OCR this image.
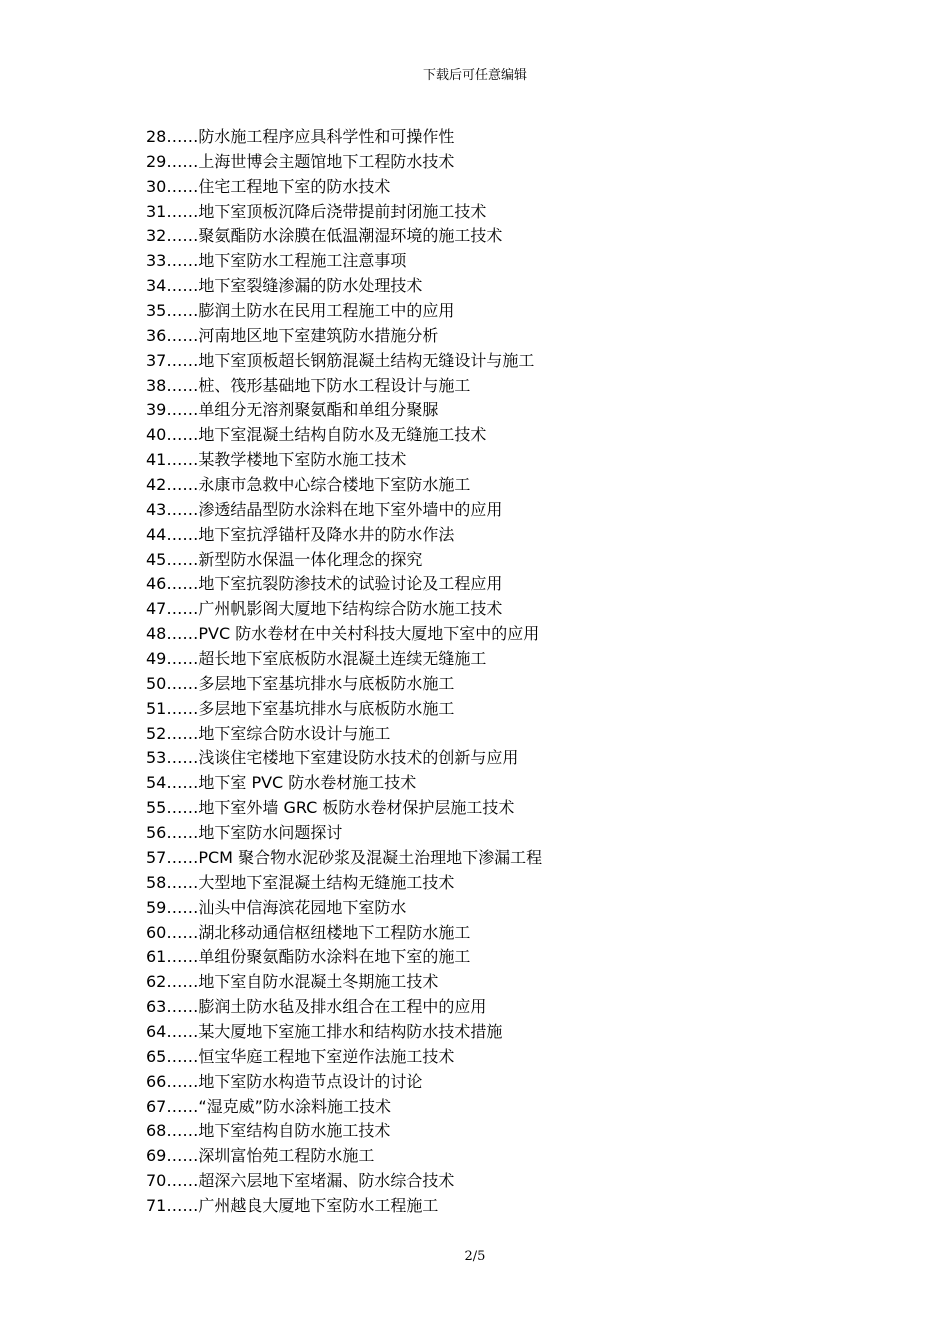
下载后可任意编辑
28……防水施工程序应具科学性和可操作性
29……上海世博会主题馆地下工程防水技术
30……住宅工程地下室的防水技术
31……地下室顶板沉降后浇带提前封闭施工技术
32……聚氨酯防水涂膜在低温潮湿环境的施工技术
33……地下室防水工程施工注意事项
34……地下室裂缝渗漏的防水处理技术
35……膨润土防水在民用工程施工中的应用
36……河南地区地下室建筑防水措施分析
37……地下室顶板超长钢筋混凝土结构无缝设计与施工
38……桩、筏形基础地下防水工程设计与施工
39……单组分无溶剂聚氨酯和单组分聚脲
40……地下室混凝土结构自防水及无缝施工技术
41……某教学楼地下室防水施工技术
42……永康市急救中心综合楼地下室防水施工
43……渗透结晶型防水涂料在地下室外墙中的应用
44……地下室抗浮锚杆及降水井的防水作法
45……新型防水保温一体化理念的探究
46……地下室抗裂防渗技术的试验讨论及工程应用
47……广州帆影阁大厦地下结构综合防水施工技术
48……PVC 防水卷材在中关村科技大厦地下室中的应用
49……超长地下室底板防水混凝土连续无缝施工
50……多层地下室基坑排水与底板防水施工
51……多层地下室基坑排水与底板防水施工
52……地下室综合防水设计与施工
53……浅谈住宅楼地下室建设防水技术的创新与应用
54……地下室 PVC 防水卷材施工技术
55……地下室外墙 GRC 板防水卷材保护层施工技术
56……地下室防水问题探讨
57……PCM 聚合物水泥砂浆及混凝土治理地下渗漏工程
58……大型地下室混凝土结构无缝施工技术
59……汕头中信海滨花园地下室防水
60……湖北移动通信枢纽楼地下工程防水施工
61……单组份聚氨酯防水涂料在地下室的施工
62……地下室自防水混凝土冬期施工技术
63……膨润土防水毡及排水组合在工程中的应用
64……某大厦地下室施工排水和结构防水技术措施
65……恒宝华庭工程地下室逆作法施工技术
66……地下室防水构造节点设计的讨论
67……“湿克威”防水涂料施工技术
68……地下室结构自防水施工技术
69……深圳富怡苑工程防水施工
70……超深六层地下室堵漏、防水综合技术
71……广州越良大厦地下室防水工程施工
2/5
